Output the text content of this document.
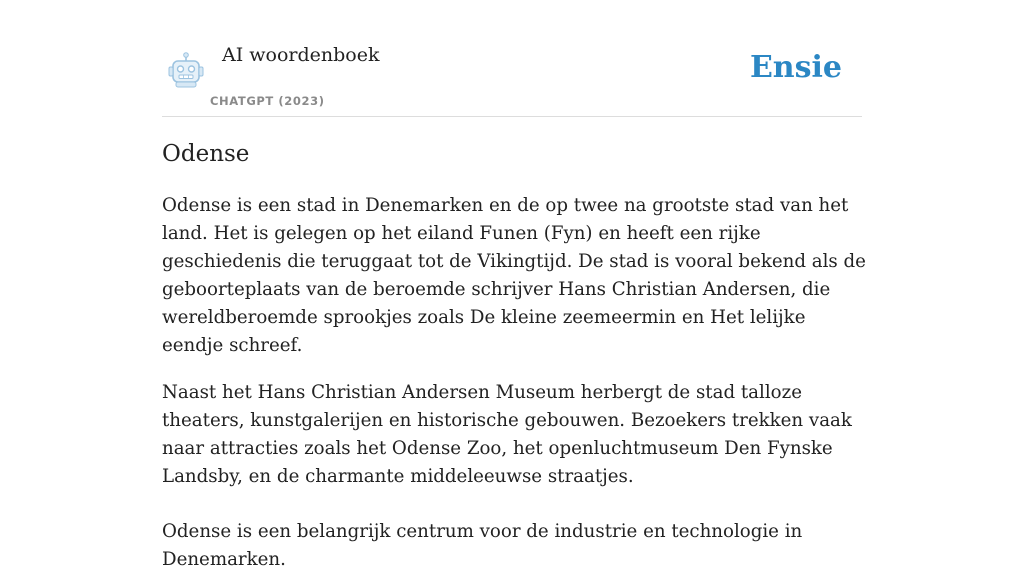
AI woordenboek
CHATGPT (2023)
Ensie
Odense

Odense is een stad in Denemarken en de op twee na grootste stad van het land. Het is gelegen op het eiland Funen (Fyn) en heeft een rijke geschiedenis die teruggaat tot de Vikingtijd. De stad is vooral bekend als de geboorteplaats van de beroemde schrijver Hans Christian Andersen, die wereldberoemde sprookjes zoals De kleine zeemeermin en Het lelijke eendje schreef.

Naast het Hans Christian Andersen Museum herbergt de stad talloze theaters, kunstgalerijen en historische gebouwen. Bezoekers trekken vaak naar attracties zoals het Odense Zoo, het openluchtmuseum Den Fynske Landsby, en de charmante middeleeuwse straatjes.

Odense is een belangrijk centrum voor de industrie en technologie in Denemarken.
